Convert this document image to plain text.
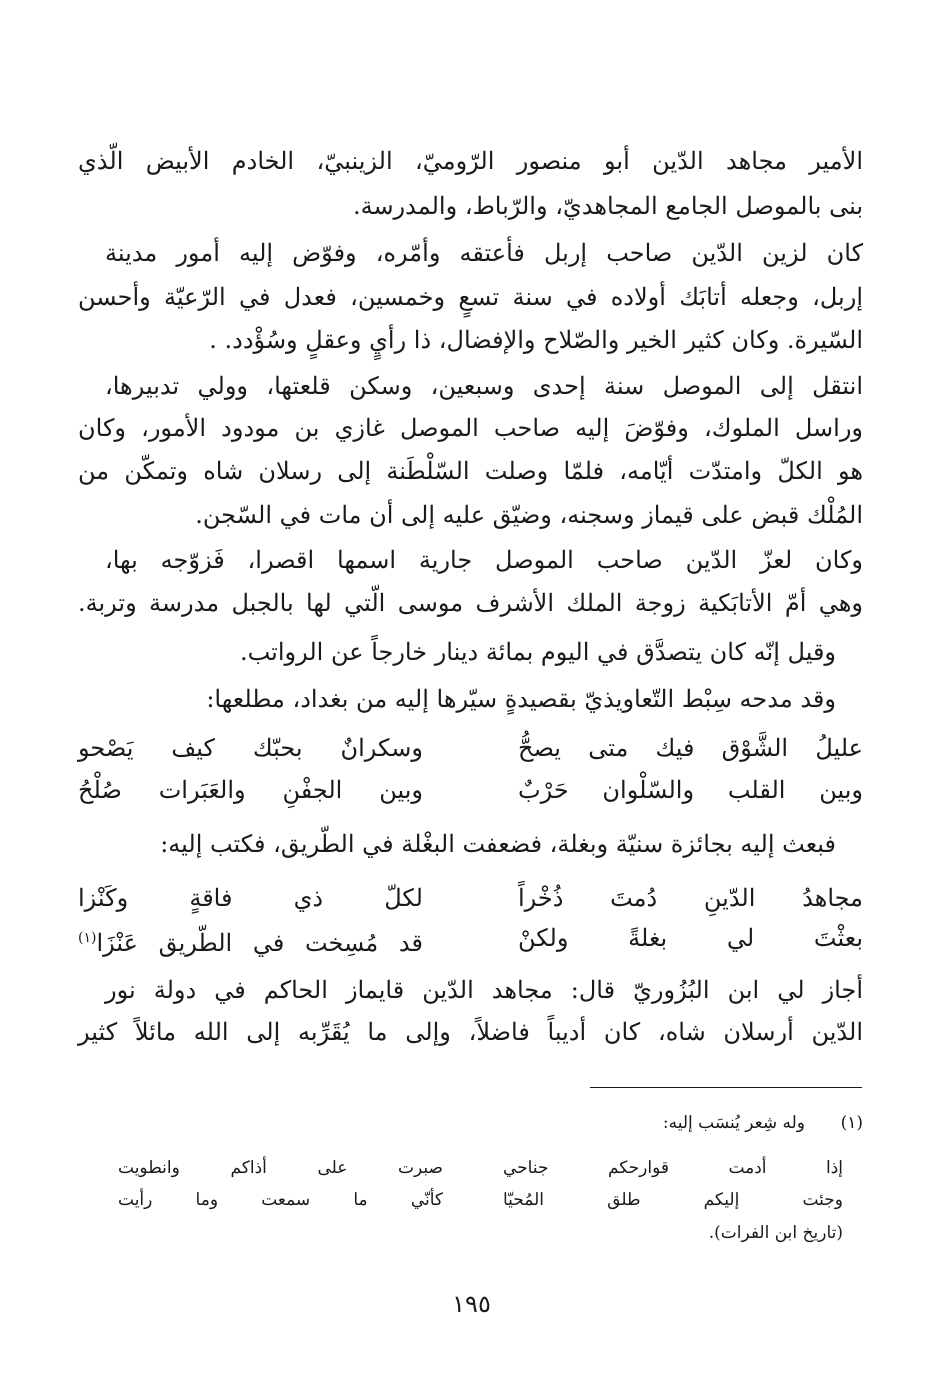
الأمير مجاهد الدّين أبو منصور الرّوميّ، الزينبيّ، الخادم الأبيض الّذي
بنى بالموصل الجامع المجاهديّ، والرّباط، والمدرسة.
كان لزين الدّين صاحب إربل فأعتقه وأمّره، وفوّض إليه أمور مدينة
إربل، وجعله أتابَك أولاده في سنة تسعٍ وخمسين، فعدل في الرّعيّة وأحسن
السّيرة. وكان كثير الخير والصّلاح والإفضال، ذا رأيٍ وعقلٍ وسُؤْدد. .
انتقل إلى الموصل سنة إحدى وسبعين، وسكن قلعتها، وولي تدبيرها،
وراسل الملوك، وفوّضَ إليه صاحب الموصل غازي بن مودود الأمور، وكان
هو الكلّ وامتدّت أيّامه، فلمّا وصلت السّلْطَنة إلى رسلان شاه وتمكّن من
المُلْك قبض على قيماز وسجنه، وضيّق عليه إلى أن مات في السّجن.
وكان لعزّ الدّين صاحب الموصل جارية اسمها اقصرا، فَزوّجه بها،
وهي أمّ الأتابَكية زوجة الملك الأشرف موسى الّتي لها بالجبل مدرسة وتربة.
وقيل إنّه كان يتصدَّق في اليوم بمائة دينار خارجاً عن الرواتب.
وقد مدحه سِبْط التّعاويذيّ بقصيدةٍ سيّرها إليه من بغداد، مطلعها:
عليلُ الشَّوْق فيك متى يصحُّ
وسكرانٌ بحبّك كيف يَصْحو
وبين القلب والسّلْوان حَرْبٌ
وبين الجفْنِ والعَبَرات صُلْحُ
فبعث إليه بجائزة سنيّة وبغلة، فضعفت البغْلة في الطّريق، فكتب إليه:
مجاهدُ الدّينِ دُمتَ ذُخْراً
لكلّ ذي فاقةٍ وكَنْزا
بعثْتَ لي بغلةً ولكنْ
قد مُسِخت في الطّريق عَنْزَا$^{(١)}$
أجاز لي ابن البُزُوريّ قال: مجاهد الدّين قايماز الحاكم في دولة نور
الدّين أرسلان شاه، كان أديباً فاضلاً، وإلى ما يُقَرِّبه إلى الله مائلاً كثير
(١)
وله شِعر يُنسَب إليه:
إذا أدمت قوارحكم جناحي
صبرت على أذاكم وانطويت
وجئت إليكم طلق المُحيّا
كأنّي ما سمعت وما رأيت
(تاريخ ابن الفرات).
١٩٥
